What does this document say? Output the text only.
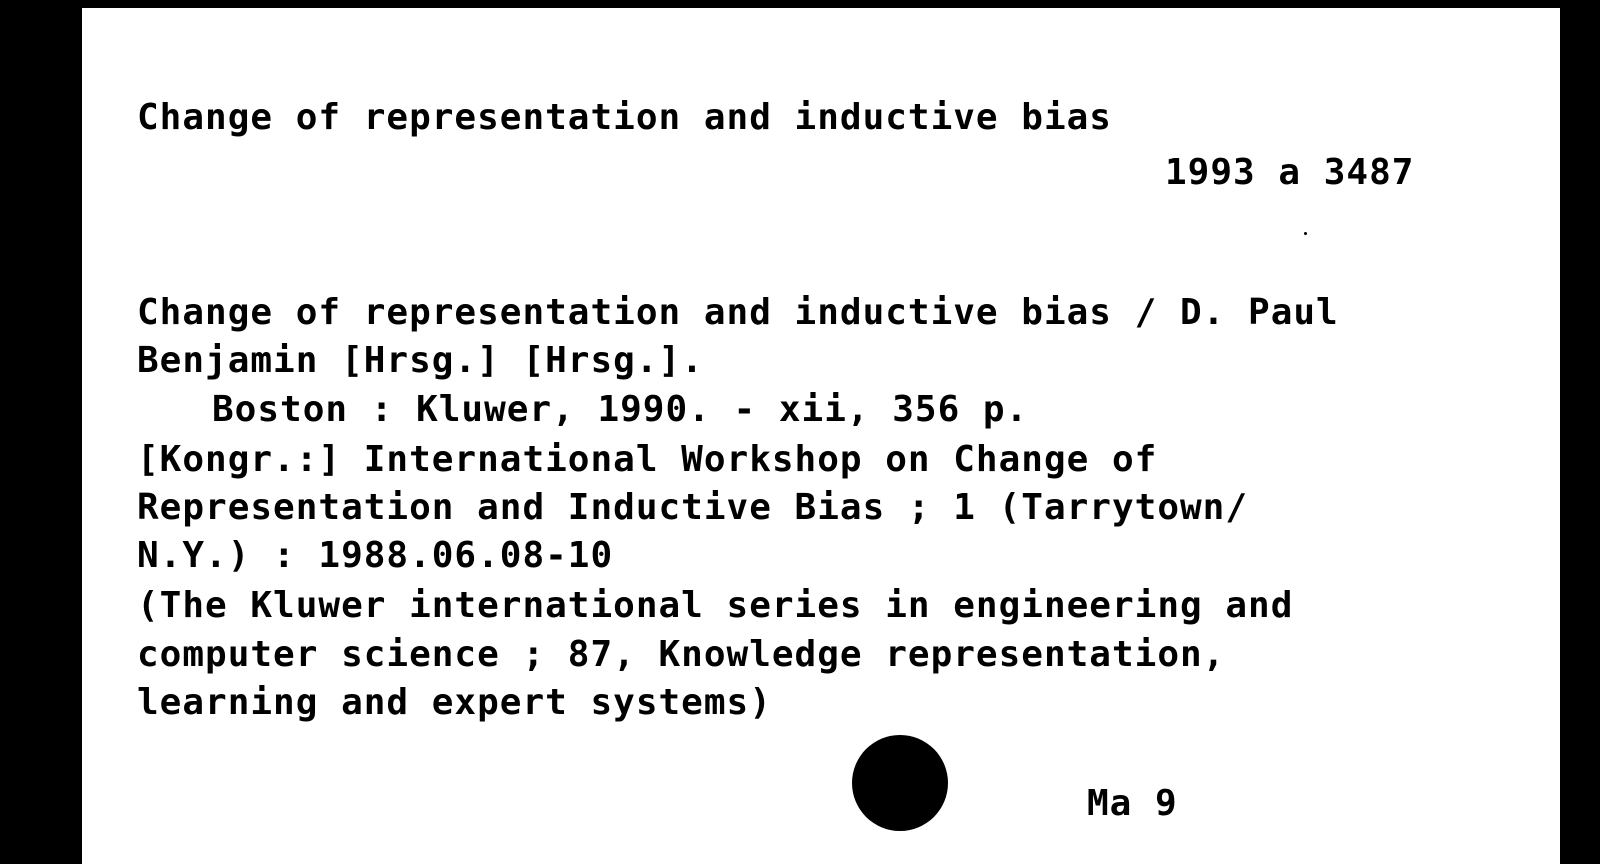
Change of representation and inductive bias
1993 a 3487
Change of representation and inductive bias / D. Paul
Benjamin [Hrsg.] [Hrsg.].
Boston : Kluwer, 1990. - xii, 356 p.
[Kongr.:] International Workshop on Change of
Representation and Inductive Bias ; 1 (Tarrytown/
N.Y.) : 1988.06.08-10
(The Kluwer international series in engineering and
computer science ; 87, Knowledge representation,
learning and expert systems)
Ma 9
